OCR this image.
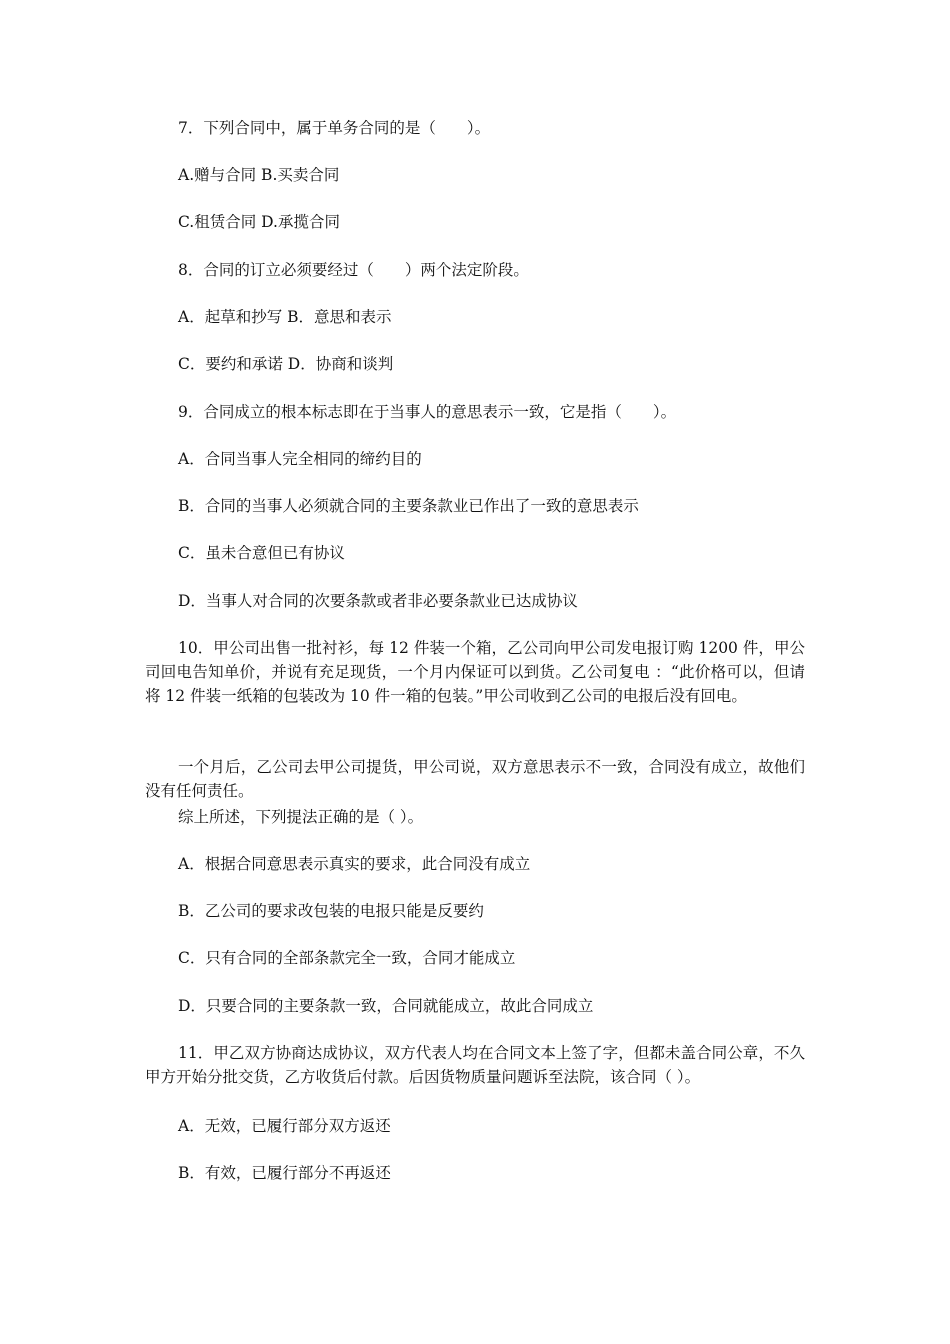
7．下列合同中，属于单务合同的是（　　）。
A.赠与合同 B.买卖合同
C.租赁合同 D.承揽合同
8．合同的订立必须要经过（　　）两个法定阶段。
A．起草和抄写 B．意思和表示
C．要约和承诺 D．协商和谈判
9．合同成立的根本标志即在于当事人的意思表示一致，它是指（　　）。
A．合同当事人完全相同的缔约目的
B．合同的当事人必须就合同的主要条款业已作出了一致的意思表示
C．虽未合意但已有协议
D．当事人对合同的次要条款或者非必要条款业已达成协议
10．甲公司出售一批衬衫，每 12 件装一个箱，乙公司向甲公司发电报订购 1200 件，甲公司回电告知单价，并说有充足现货，一个月内保证可以到货。乙公司复电 ：“此价格可以，但请将 12 件装一纸箱的包装改为 10 件一箱的包装。”甲公司收到乙公司的电报后没有回电。
一个月后，乙公司去甲公司提货，甲公司说，双方意思表示不一致，合同没有成立，故他们没有任何责任。
综上所述，下列提法正确的是（ ）。
A．根据合同意思表示真实的要求，此合同没有成立
B．乙公司的要求改包装的电报只能是反要约
C．只有合同的全部条款完全一致，合同才能成立
D．只要合同的主要条款一致，合同就能成立，故此合同成立
11．甲乙双方协商达成协议，双方代表人均在合同文本上签了字，但都未盖合同公章，不久甲方开始分批交货，乙方收货后付款。后因货物质量问题诉至法院，该合同（ ）。
A．无效，已履行部分双方返还
B．有效，已履行部分不再返还
